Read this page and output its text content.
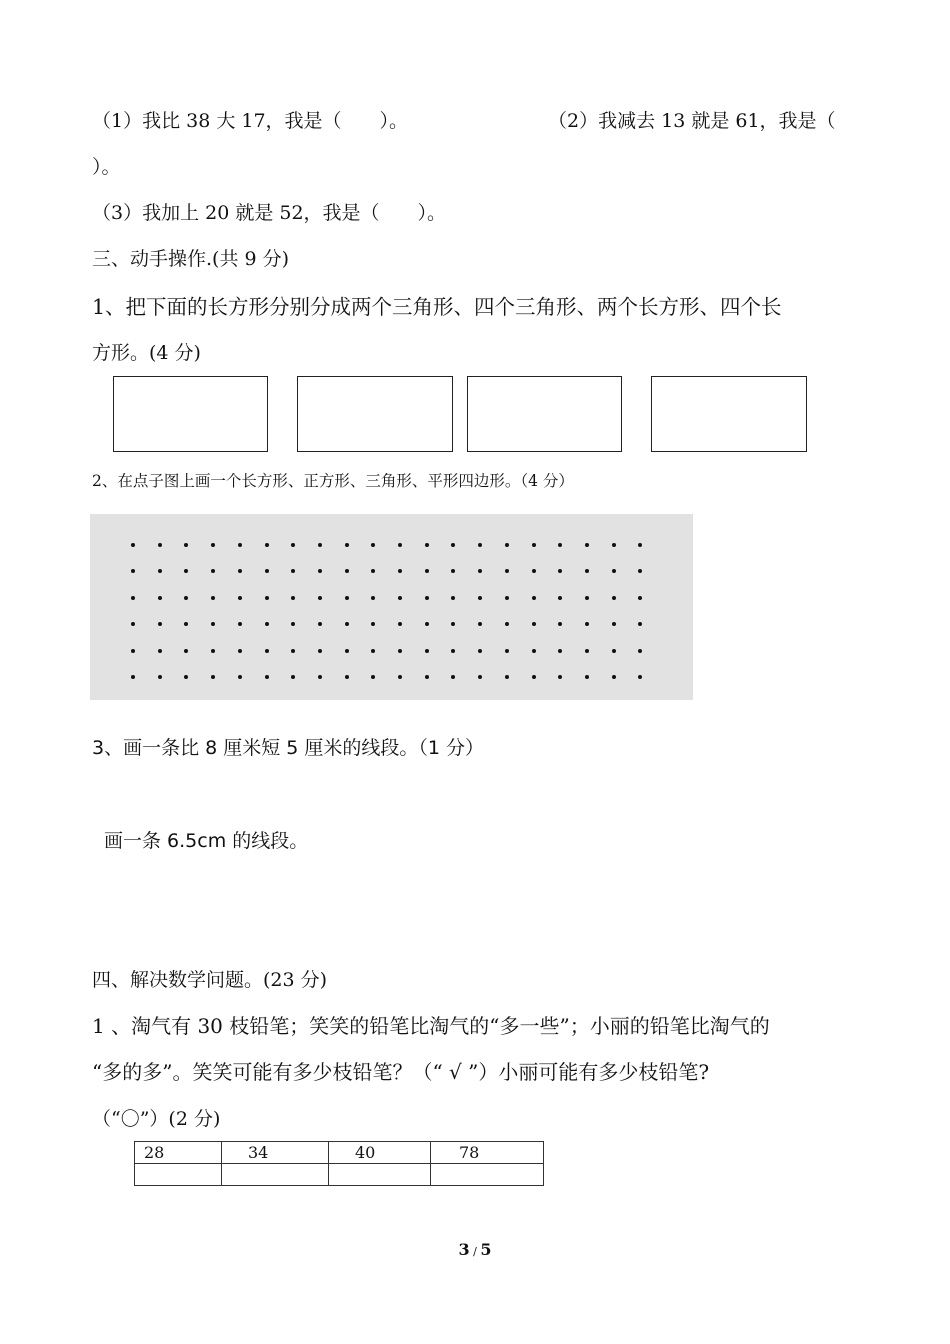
（1）我比 38 大 17，我是（　　）。	（2）我减去 13 就是 61，我是（
）。
（3）我加上 20 就是 52，我是（　　）。
三、动手操作.(共 9 分)
1、把下面的长方形分别分成两个三角形、四个三角形、两个长方形、四个长
方形。(4 分)
2、在点子图上画一个长方形、正方形、三角形、平形四边形。（4 分）
3、画一条比 8 厘米短 5 厘米的线段。（1 分）
画一条 6.5cm 的线段。
四、解决数学问题。(23 分)
1 、淘气有 30 枝铅笔；笑笑的铅笔比淘气的“多一些”；小丽的铅笔比淘气的
“多的多”。笑笑可能有多少枝铅笔？（“ √ ”）小丽可能有多少枝铅笔?
（“〇”）(2 分)
28	34	40	78

3 / 5
